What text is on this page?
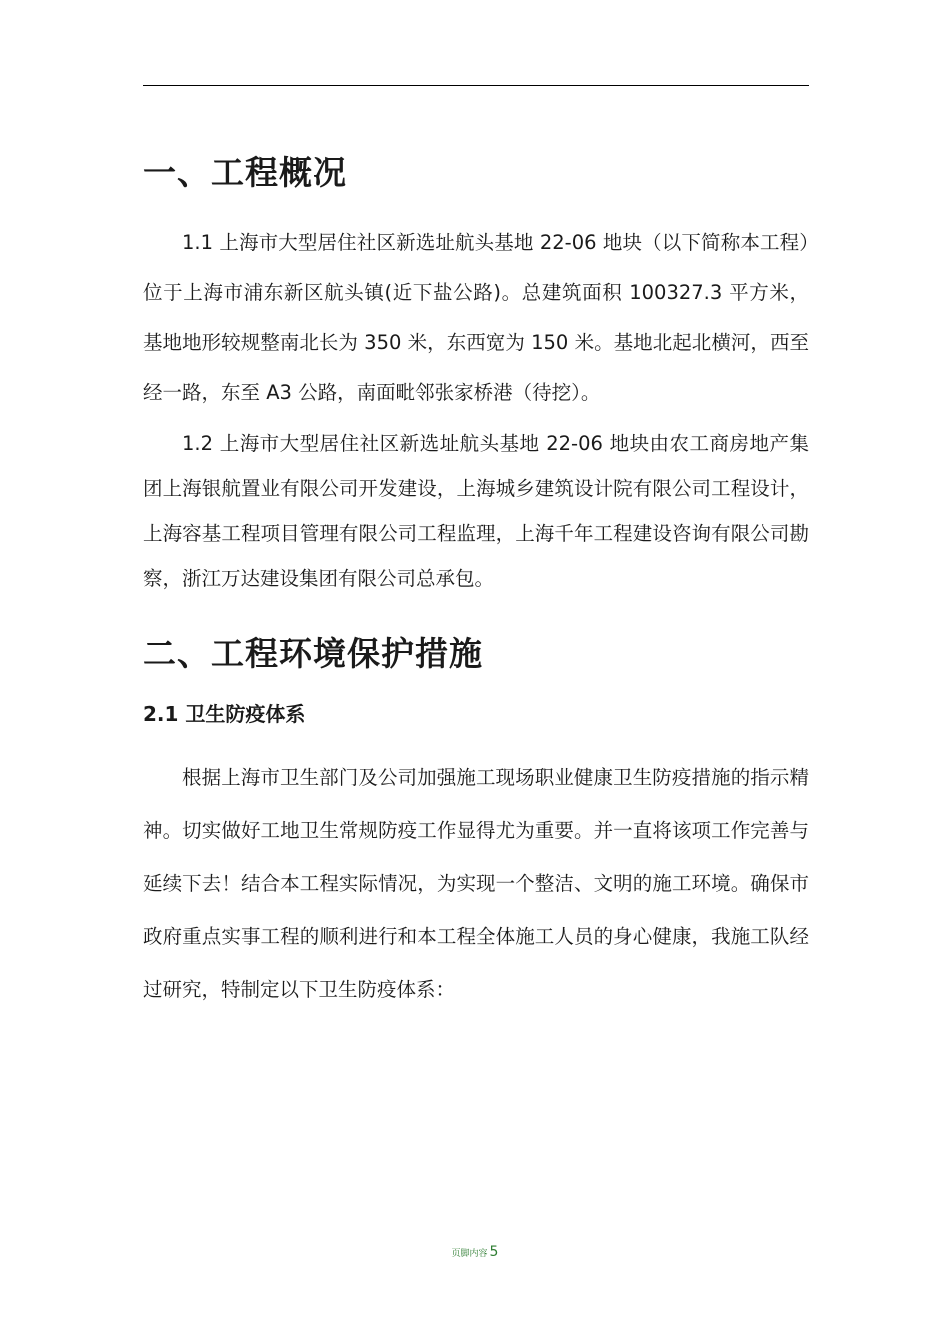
一、工程概况

1.1 上海市大型居住社区新选址航头基地 22-06 地块（以下简称本工程）位于上海市浦东新区航头镇(近下盐公路)。总建筑面积 100327.3 平方米，基地地形较规整南北长为 350 米，东西宽为 150 米。基地北起北横河，西至经一路，东至 A3 公路，南面毗邻张家桥港（待挖）。

1.2 上海市大型居住社区新选址航头基地 22-06 地块由农工商房地产集团上海银航置业有限公司开发建设，上海城乡建筑设计院有限公司工程设计，上海容基工程项目管理有限公司工程监理，上海千年工程建设咨询有限公司勘察，浙江万达建设集团有限公司总承包。

二、工程环境保护措施
2.1 卫生防疫体系

根据上海市卫生部门及公司加强施工现场职业健康卫生防疫措施的指示精神。切实做好工地卫生常规防疫工作显得尤为重要。并一直将该项工作完善与延续下去！结合本工程实际情况，为实现一个整洁、文明的施工环境。确保市政府重点实事工程的顺利进行和本工程全体施工人员的身心健康，我施工队经过研究，特制定以下卫生防疫体系：

页脚内容 5
